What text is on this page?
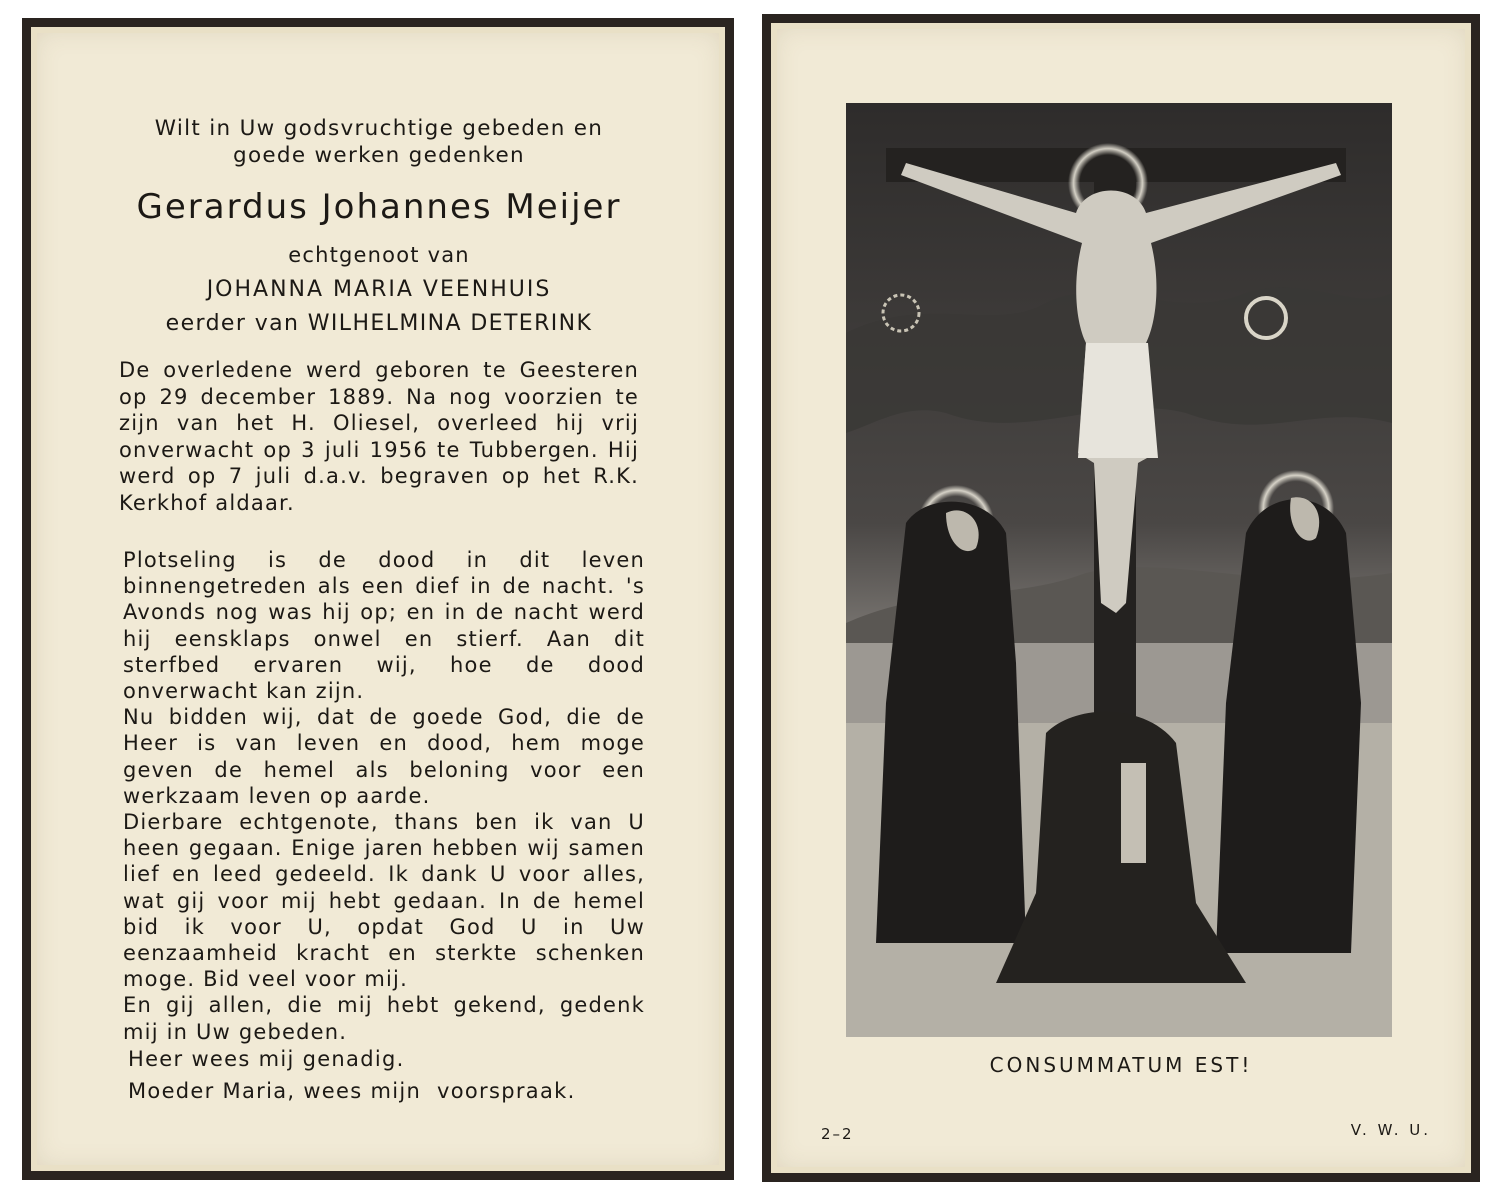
Wilt in Uw godsvruchtige gebeden en
goede werken gedenken
Gerardus Johannes Meijer
echtgenoot van
JOHANNA MARIA VEENHUIS
eerder van WILHELMINA DETERINK
De overledene werd geboren te Geesteren op 29 december 1889. Na nog voorzien te zijn van het H. Oliesel, overleed hij vrij onverwacht op 3 juli 1956 te Tubbergen. Hij werd op 7 juli d.a.v. begraven op het R.K. Kerkhof aldaar.

Plotseling is de dood in dit leven binnengetreden als een dief in de nacht. 's Avonds nog was hij op; en in de nacht werd hij eensklaps onwel en stierf. Aan dit sterfbed ervaren wij, hoe de dood onverwacht kan zijn.

Nu bidden wij, dat de goede God, die de Heer is van leven en dood, hem moge geven de hemel als beloning voor een werkzaam leven op aarde.

Dierbare echtgenote, thans ben ik van U heen gegaan. Enige jaren hebben wij samen lief en leed gedeeld. Ik dank U voor alles, wat gij voor mij hebt gedaan. In de hemel bid ik voor U, opdat God U in Uw eenzaamheid kracht en sterkte schenken moge. Bid veel voor mij.

En gij allen, die mij hebt gekend, gedenk mij in Uw gebeden.

Heer wees mij genadig.
Moeder Maria, wees mijn  voorspraak.
CONSUMMATUM EST!
2–2	V. W. U.
